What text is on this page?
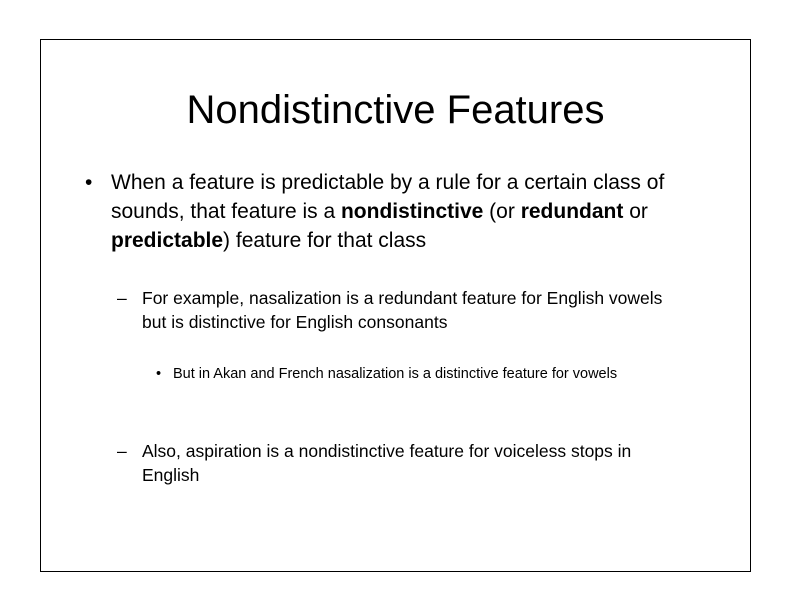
Nondistinctive Features
• When a feature is predictable by a rule for a certain class of sounds, that feature is a nondistinctive (or redundant or predictable) feature for that class
– For example, nasalization is a redundant feature for English vowels but is distinctive for English consonants
• But in Akan and French nasalization is a distinctive feature for vowels
– Also, aspiration is a nondistinctive feature for voiceless stops in English
